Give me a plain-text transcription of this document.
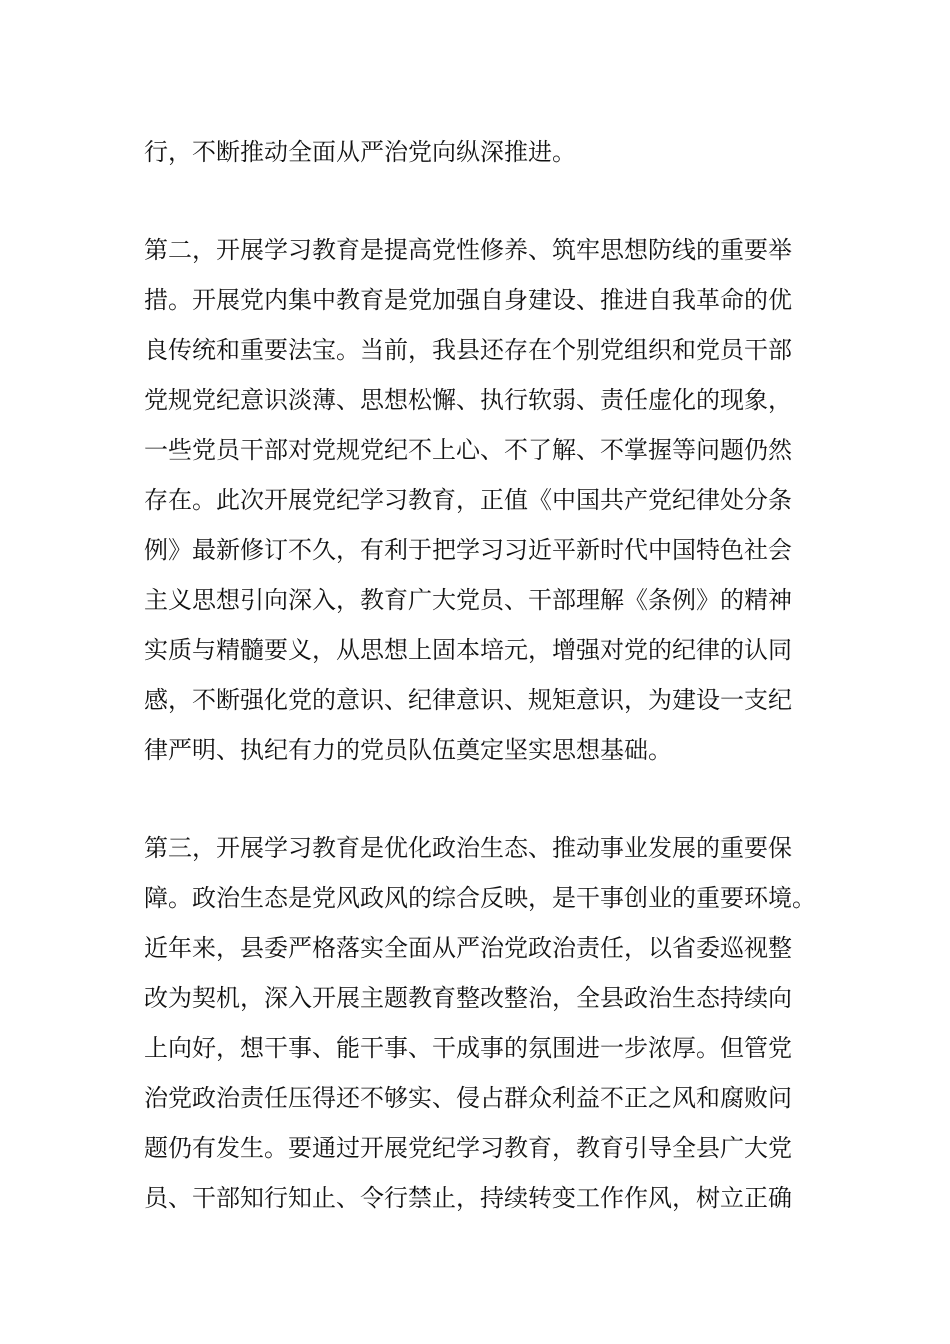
行，不断推动全面从严治党向纵深推进。
第二，开展学习教育是提高党性修养、筑牢思想防线的重要举
措。开展党内集中教育是党加强自身建设、推进自我革命的优
良传统和重要法宝。当前，我县还存在个别党组织和党员干部
党规党纪意识淡薄、思想松懈、执行软弱、责任虚化的现象，
一些党员干部对党规党纪不上心、不了解、不掌握等问题仍然
存在。此次开展党纪学习教育，正值《中国共产党纪律处分条
例》最新修订不久，有利于把学习习近平新时代中国特色社会
主义思想引向深入，教育广大党员、干部理解《条例》的精神
实质与精髓要义，从思想上固本培元，增强对党的纪律的认同
感，不断强化党的意识、纪律意识、规矩意识，为建设一支纪
律严明、执纪有力的党员队伍奠定坚实思想基础。
第三，开展学习教育是优化政治生态、推动事业发展的重要保
障。政治生态是党风政风的综合反映，是干事创业的重要环境。
近年来，县委严格落实全面从严治党政治责任，以省委巡视整
改为契机，深入开展主题教育整改整治，全县政治生态持续向
上向好，想干事、能干事、干成事的氛围进一步浓厚。但管党
治党政治责任压得还不够实、侵占群众利益不正之风和腐败问
题仍有发生。要通过开展党纪学习教育，教育引导全县广大党
员、干部知行知止、令行禁止，持续转变工作作风，树立正确
